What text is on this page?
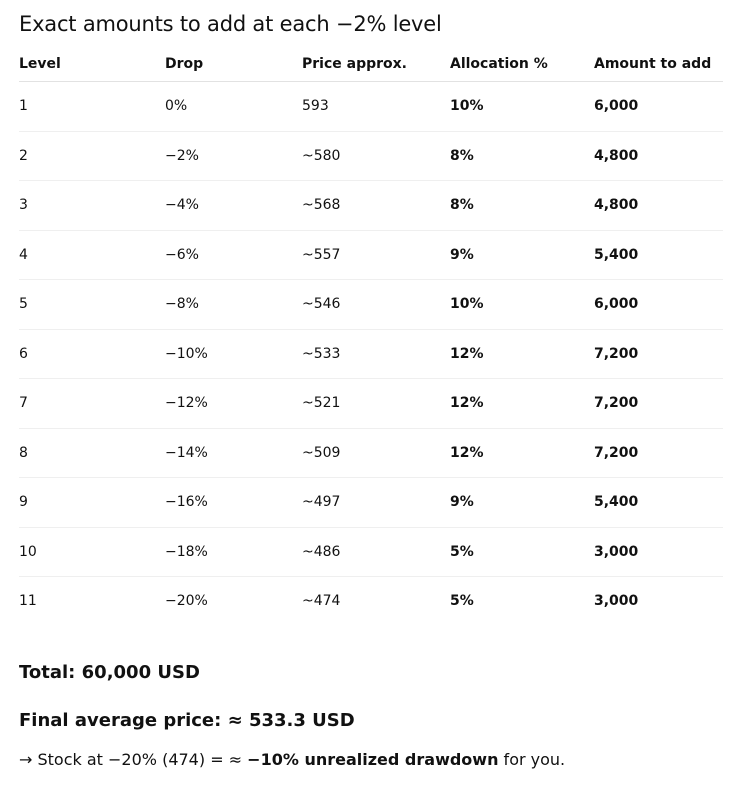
Exact amounts to add at each −2% level
Level	Drop	Price approx.	Allocation %	Amount to add
1	0%	593	10%	6,000
2	−2%	~580	8%	4,800
3	−4%	~568	8%	4,800
4	−6%	~557	9%	5,400
5	−8%	~546	10%	6,000
6	−10%	~533	12%	7,200
7	−12%	~521	12%	7,200
8	−14%	~509	12%	7,200
9	−16%	~497	9%	5,400
10	−18%	~486	5%	3,000
11	−20%	~474	5%	3,000

Total: 60,000 USD

Final average price: ≈ 533.3 USD

→ Stock at −20% (474) = ≈ −10% unrealized drawdown for you.
